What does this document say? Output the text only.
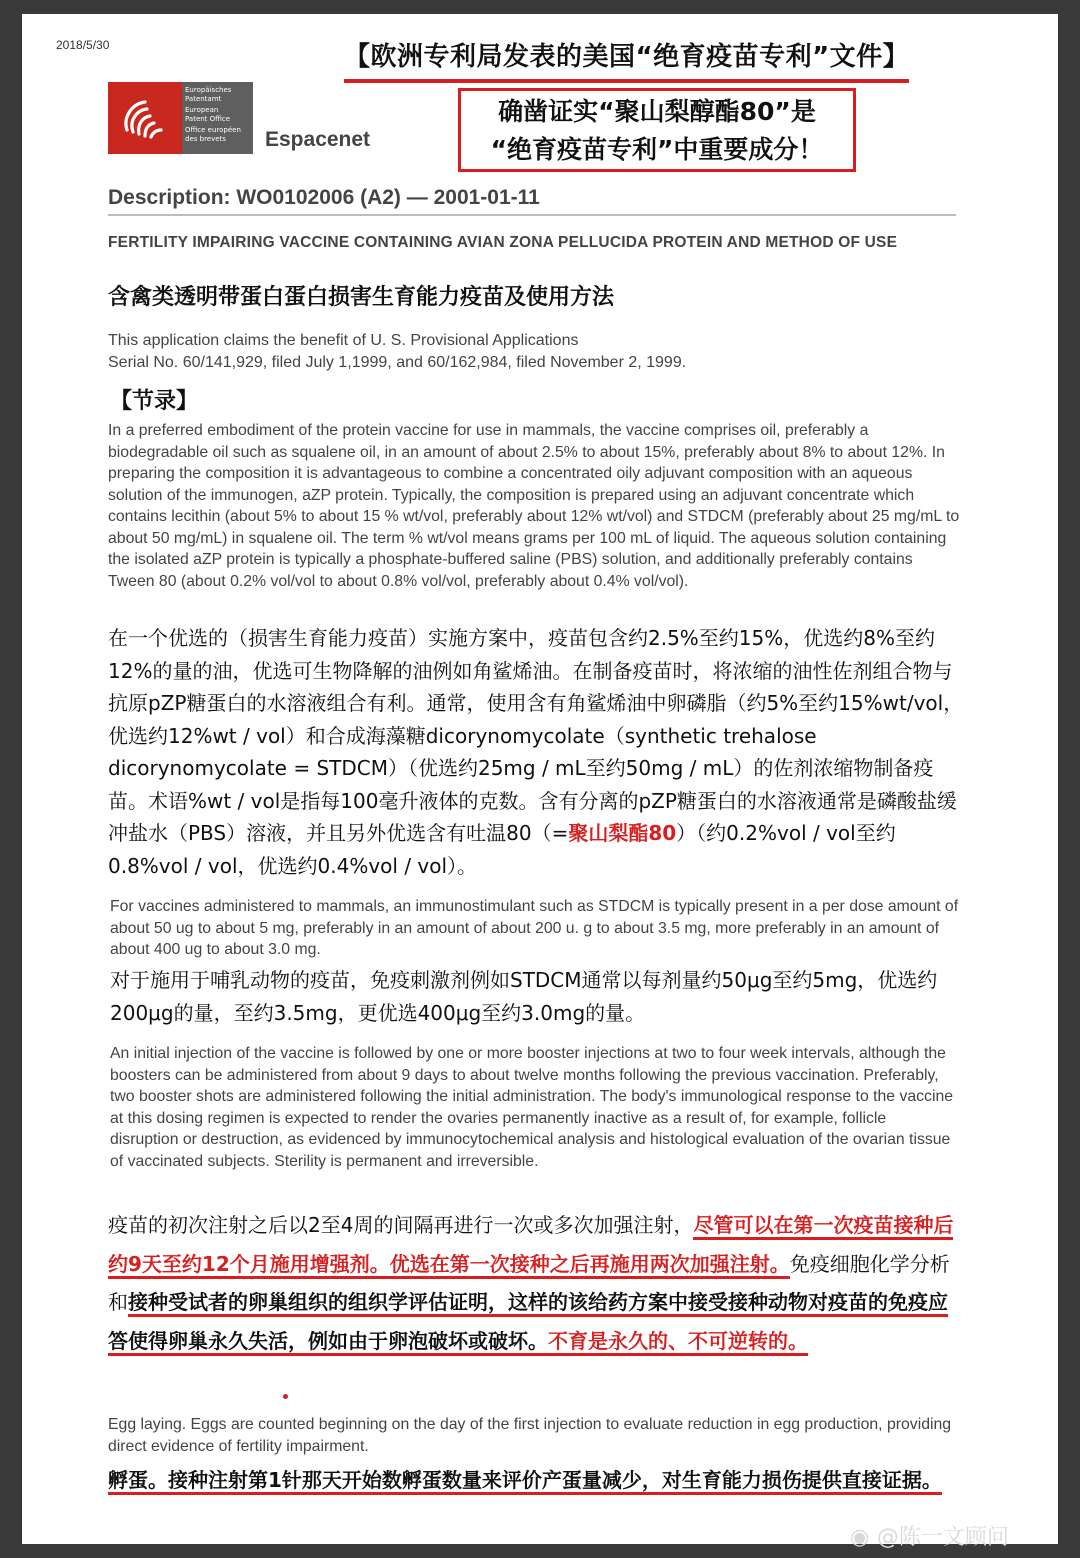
2018/5/30	【欧洲专利局发表的美国“绝育疫苗专利”文件】
Europäisches
Patentamt
European
Patent Office
Office européen
des brevets	Espacenet
确凿证实“聚山梨醇酯80”是
“绝育疫苗专利”中重要成分！
Description: WO0102006 (A2) — 2001-01-11
FERTILITY IMPAIRING VACCINE CONTAINING AVIAN ZONA PELLUCIDA PROTEIN AND METHOD OF USE
含禽类透明带蛋白蛋白损害生育能力疫苗及使用方法
This application claims the benefit of U. S. Provisional Applications
Serial No. 60/141,929, filed July 1,1999, and 60/162,984, filed November 2, 1999.
【节录】
In a preferred embodiment of the protein vaccine for use in mammals, the vaccine comprises oil, preferably a biodegradable oil such as squalene oil, in an amount of about 2.5% to about 15%, preferably about 8% to about 12%. In preparing the composition it is advantageous to combine a concentrated oily adjuvant composition with an aqueous solution of the immunogen, aZP protein. Typically, the composition is prepared using an adjuvant concentrate which contains lecithin (about 5% to about 15 % wt/vol, preferably about 12% wt/vol) and STDCM (preferably about 25 mg/mL to about 50 mg/mL) in squalene oil. The term % wt/vol means grams per 100 mL of liquid. The aqueous solution containing the isolated aZP protein is typically a phosphate-buffered saline (PBS) solution, and additionally preferably contains
Tween 80 (about 0.2% vol/vol to about 0.8% vol/vol, preferably about 0.4% vol/vol).
在一个优选的（损害生育能力疫苗）实施方案中，疫苗包含约2.5%至约15%，优选约8%至约12%的量的油，优选可生物降解的油例如角鲨烯油。在制备疫苗时，将浓缩的油性佐剂组合物与抗原pZP糖蛋白的水溶液组合有利。通常，使用含有角鲨烯油中卵磷脂（约5%至约15%wt/vol，优选约12%wt / vol）和合成海藻糖dicorynomycolate（synthetic trehalose dicorynomycolate = STDCM）（优选约25mg / mL至约50mg / mL）的佐剂浓缩物制备疫苗。术语%wt / vol是指每100毫升液体的克数。含有分离的pZP糖蛋白的水溶液通常是磷酸盐缓冲盐水（PBS）溶液，并且另外优选含有吐温80（=聚山梨酯80）（约0.2%vol / vol至约0.8%vol / vol，优选约0.4%vol / vol）。
For vaccines administered to mammals, an immunostimulant such as STDCM is typically present in a per dose amount of about 50 ug to about 5 mg, preferably in an amount of about 200 u. g to about 3.5 mg, more preferably in an amount of about 400 ug to about 3.0 mg.
对于施用于哺乳动物的疫苗，免疫刺激剂例如STDCM通常以每剂量约50μg至约5mg，优选约200μg的量，至约3.5mg，更优选400μg至约3.0mg的量。
An initial injection of the vaccine is followed by one or more booster injections at two to four week intervals, although the boosters can be administered from about 9 days to about twelve months following the previous vaccination. Preferably, two booster shots are administered following the initial administration. The body's immunological response to the vaccine at this dosing regimen is expected to render the ovaries permanently inactive as a result of, for example, follicle disruption or destruction, as evidenced by immunocytochemical analysis and histological evaluation of the ovarian tissue of vaccinated subjects. Sterility is permanent and irreversible.
疫苗的初次注射之后以2至4周的间隔再进行一次或多次加强注射，尽管可以在第一次疫苗接种后约9天至约12个月施用增强剂。优选在第一次接种之后再施用两次加强注射。免疫细胞化学分析和接种受试者的卵巢组织的组织学评估证明，这样的该给药方案中接受接种动物对疫苗的免疫应答使得卵巢永久失活，例如由于卵泡破坏或破坏。不育是永久的、不可逆转的。
Egg laying. Eggs are counted beginning on the day of the first injection to evaluate reduction in egg production, providing direct evidence of fertility impairment.
孵蛋。接种注射第1针那天开始数孵蛋数量来评价产蛋量减少，对生育能力损伤提供直接证据。
◉ @陈一文顾问
